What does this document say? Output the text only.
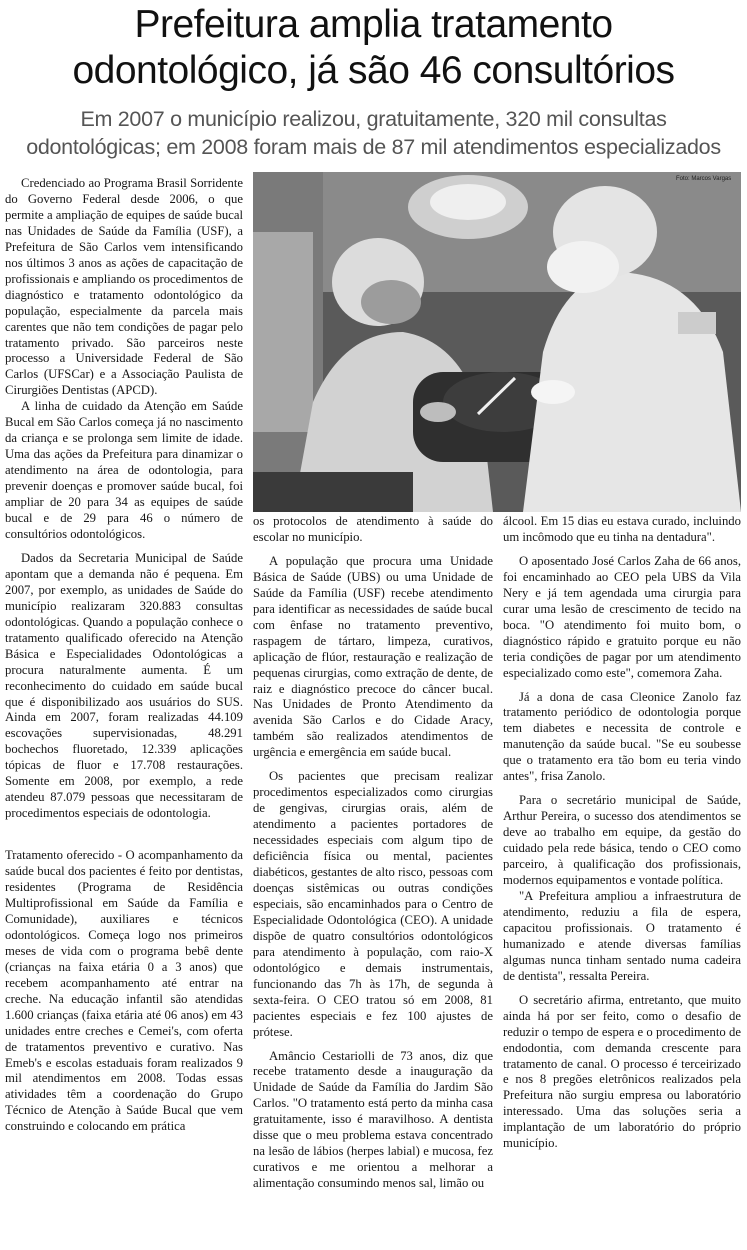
Prefeitura amplia tratamento
odontológico, já são 46 consultórios
Em 2007 o município realizou, gratuitamente, 320 mil consultas
odontológicas; em 2008 foram mais de 87 mil atendimentos especializados
Foto: Marcos Vargas

Credenciado ao Programa Brasil Sorridente do Governo Federal desde 2006, o que permite a ampliação de equipes de saúde bucal nas Unidades de Saúde da Família (USF), a Prefeitura de São Carlos vem intensificando nos últimos 3 anos as ações de capacitação de profissionais e ampliando os procedimentos de diagnóstico e tratamento odontológico da população, especialmente da parcela mais carentes que não tem condições de pagar pelo tratamento privado. São parceiros neste processo a Universidade Federal de São Carlos (UFSCar) e a Associação Paulista de Cirurgiões Dentistas (APCD).

A linha de cuidado da Atenção em Saúde Bucal em São Carlos começa já no nascimento da criança e se prolonga sem limite de idade. Uma das ações da Prefeitura para dinamizar o atendimento na área de odontologia, para prevenir doenças e promover saúde bucal, foi ampliar de 20 para 34 as equipes de saúde bucal e de 29 para 46 o número de consultórios odontológicos.

Dados da Secretaria Municipal de Saúde apontam que a demanda não é pequena. Em 2007, por exemplo, as unidades de Saúde do município realizaram 320.883 consultas odontológicas. Quando a população conhece o tratamento qualificado oferecido na Atenção Básica e Especialidades Odontológicas a procura naturalmente aumenta. É um reconhecimento do cuidado em saúde bucal que é disponibilizado aos usuários do SUS. Ainda em 2007, foram realizadas 44.109 escovações supervisionadas, 48.291 bochechos fluoretado, 12.339 aplicações tópicas de fluor e 17.708 restaurações. Somente em 2008, por exemplo, a rede atendeu 87.079 pessoas que necessitaram de procedimentos especiais de odontologia.

Tratamento oferecido - O acompanhamento da saúde bucal dos pacientes é feito por dentistas, residentes (Programa de Residência Multiprofissional em Saúde da Família e Comunidade), auxiliares e técnicos odontológicos. Começa logo nos primeiros meses de vida com o programa bebê dente (crianças na faixa etária 0 a 3 anos) que recebem acompanhamento até entrar na creche. Na educação infantil são atendidas 1.600 crianças (faixa etária até 06 anos) em 43 unidades entre creches e Cemei's, com oferta de tratamentos preventivo e curativo. Nas Emeb's e escolas estaduais foram realizados 9 mil atendimentos em 2008. Todas essas atividades têm a coordenação do Grupo Técnico de Atenção à Saúde Bucal que vem construindo e colocando em prática

os protocolos de atendimento à saúde do escolar no município.

A população que procura uma Unidade Básica de Saúde (UBS) ou uma Unidade de Saúde da Família (USF) recebe atendimento para identificar as necessidades de saúde bucal com ênfase no tratamento preventivo, raspagem de tártaro, limpeza, curativos, aplicação de flúor, restauração e realização de pequenas cirurgias, como extração de dente, de raiz e diagnóstico precoce do câncer bucal. Nas Unidades de Pronto Atendimento da avenida São Carlos e do Cidade Aracy, também são realizados atendimentos de urgência e emergência em saúde bucal.

Os pacientes que precisam realizar procedimentos especializados como cirurgias de gengivas, cirurgias orais, além de atendimento a pacientes portadores de necessidades especiais com algum tipo de deficiência física ou mental, pacientes diabéticos, gestantes de alto risco, pessoas com doenças sistêmicas ou outras condições especiais, são encaminhados para o Centro de Especialidade Odontológica (CEO). A unidade dispõe de quatro consultórios odontológicos para atendimento à população, com raio-X odontológico e demais instrumentais, funcionando das 7h às 17h, de segunda à sexta-feira. O CEO tratou só em 2008, 81 pacientes especiais e fez 100 ajustes de prótese.

Amâncio Cestariolli de 73 anos, diz que recebe tratamento desde a inauguração da Unidade de Saúde da Família do Jardim São Carlos. "O tratamento está perto da minha casa gratuitamente, isso é maravilhoso. A dentista disse que o meu problema estava concentrado na lesão de lábios (herpes labial) e mucosa, fez curativos e me orientou a melhorar a alimentação consumindo menos sal, limão ou

álcool. Em 15 dias eu estava curado, incluindo um incômodo que eu tinha na dentadura".

O aposentado José Carlos Zaha de 66 anos, foi encaminhado ao CEO pela UBS da Vila Nery e já tem agendada uma cirurgia para curar uma lesão de crescimento de tecido na boca. "O atendimento foi muito bom, o diagnóstico rápido e gratuito porque eu não teria condições de pagar por um atendimento especializado como este", comemora Zaha.

Já a dona de casa Cleonice Zanolo faz tratamento periódico de odontologia porque tem diabetes e necessita de controle e manutenção da saúde bucal. "Se eu soubesse que o tratamento era tão bom eu teria vindo antes", frisa Zanolo.

Para o secretário municipal de Saúde, Arthur Pereira, o sucesso dos atendimentos se deve ao trabalho em equipe, da gestão do cuidado pela rede básica, tendo o CEO como parceiro, à qualificação dos profissionais, modernos equipamentos e vontade política.

"A Prefeitura ampliou a infraestrutura de atendimento, reduziu a fila de espera, capacitou profissionais. O tratamento é humanizado e atende diversas famílias algumas nunca tinham sentado numa cadeira de dentista", ressalta Pereira.

O secretário afirma, entretanto, que muito ainda há por ser feito, como o desafio de reduzir o tempo de espera e o procedimento de endodontia, com demanda crescente para tratamento de canal. O processo é terceirizado e nos 8 pregões eletrônicos realizados pela Prefeitura não surgiu empresa ou laboratório interessado. Uma das soluções seria a implantação de um laboratório do próprio município.
